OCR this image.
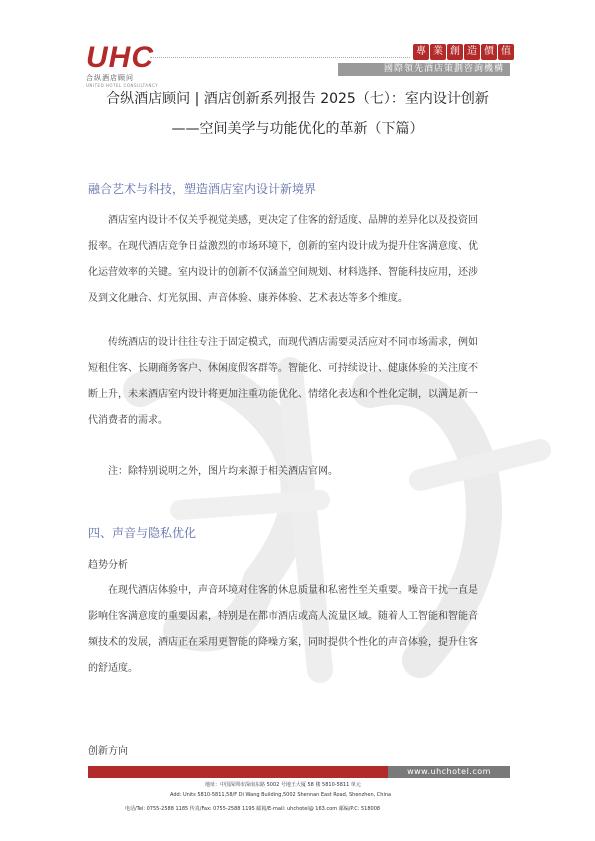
UHC
合纵酒店顾问
UNITED HOTEL CONSULTANCY
專 業 創 造 價 值
國際領先酒店策劃咨詢機構
合纵酒店顾问 | 酒店创新系列报告 2025（七）：室内设计创新
——空间美学与功能优化的革新（下篇）
融合艺术与科技，塑造酒店室内设计新境界

酒店室内设计不仅关乎视觉美感，更决定了住客的舒适度、品牌的差异化以及投资回
报率。在现代酒店竞争日益激烈的市场环境下，创新的室内设计成为提升住客满意度、优
化运营效率的关键。室内设计的创新不仅涵盖空间规划、材料选择、智能科技应用，还涉
及到文化融合、灯光氛围、声音体验、康养体验、艺术表达等多个维度。

传统酒店的设计往往专注于固定模式，而现代酒店需要灵活应对不同市场需求，例如
短租住客、长期商务客户、休闲度假客群等。智能化、可持续设计、健康体验的关注度不
断上升，未来酒店室内设计将更加注重功能优化、情绪化表达和个性化定制，以满足新一
代消费者的需求。

注：除特别说明之外，图片均来源于相关酒店官网。
四、声音与隐私优化
趋势分析

在现代酒店体验中，声音环境对住客的休息质量和私密性至关重要。噪音干扰一直是
影响住客满意度的重要因素，特别是在都市酒店或高人流量区域。随着人工智能和智能音
频技术的发展，酒店正在采用更智能的降噪方案，同时提供个性化的声音体验，提升住客
的舒适度。

创新方向
www.uhchotel.com
地址：中国深圳市深南东路 5002 号地王大厦 58 楼 5810-5811 单元
Add: Units 5810-5811,58/F Di Wang Building,5002 Shennan East Road, Shenzhen, China
电话/Tel: 0755-2588 1185 传真/Fax: 0755-2588 1195 邮箱/E-mail: uhchotel@ 163.com 邮编/P.C: 518008
